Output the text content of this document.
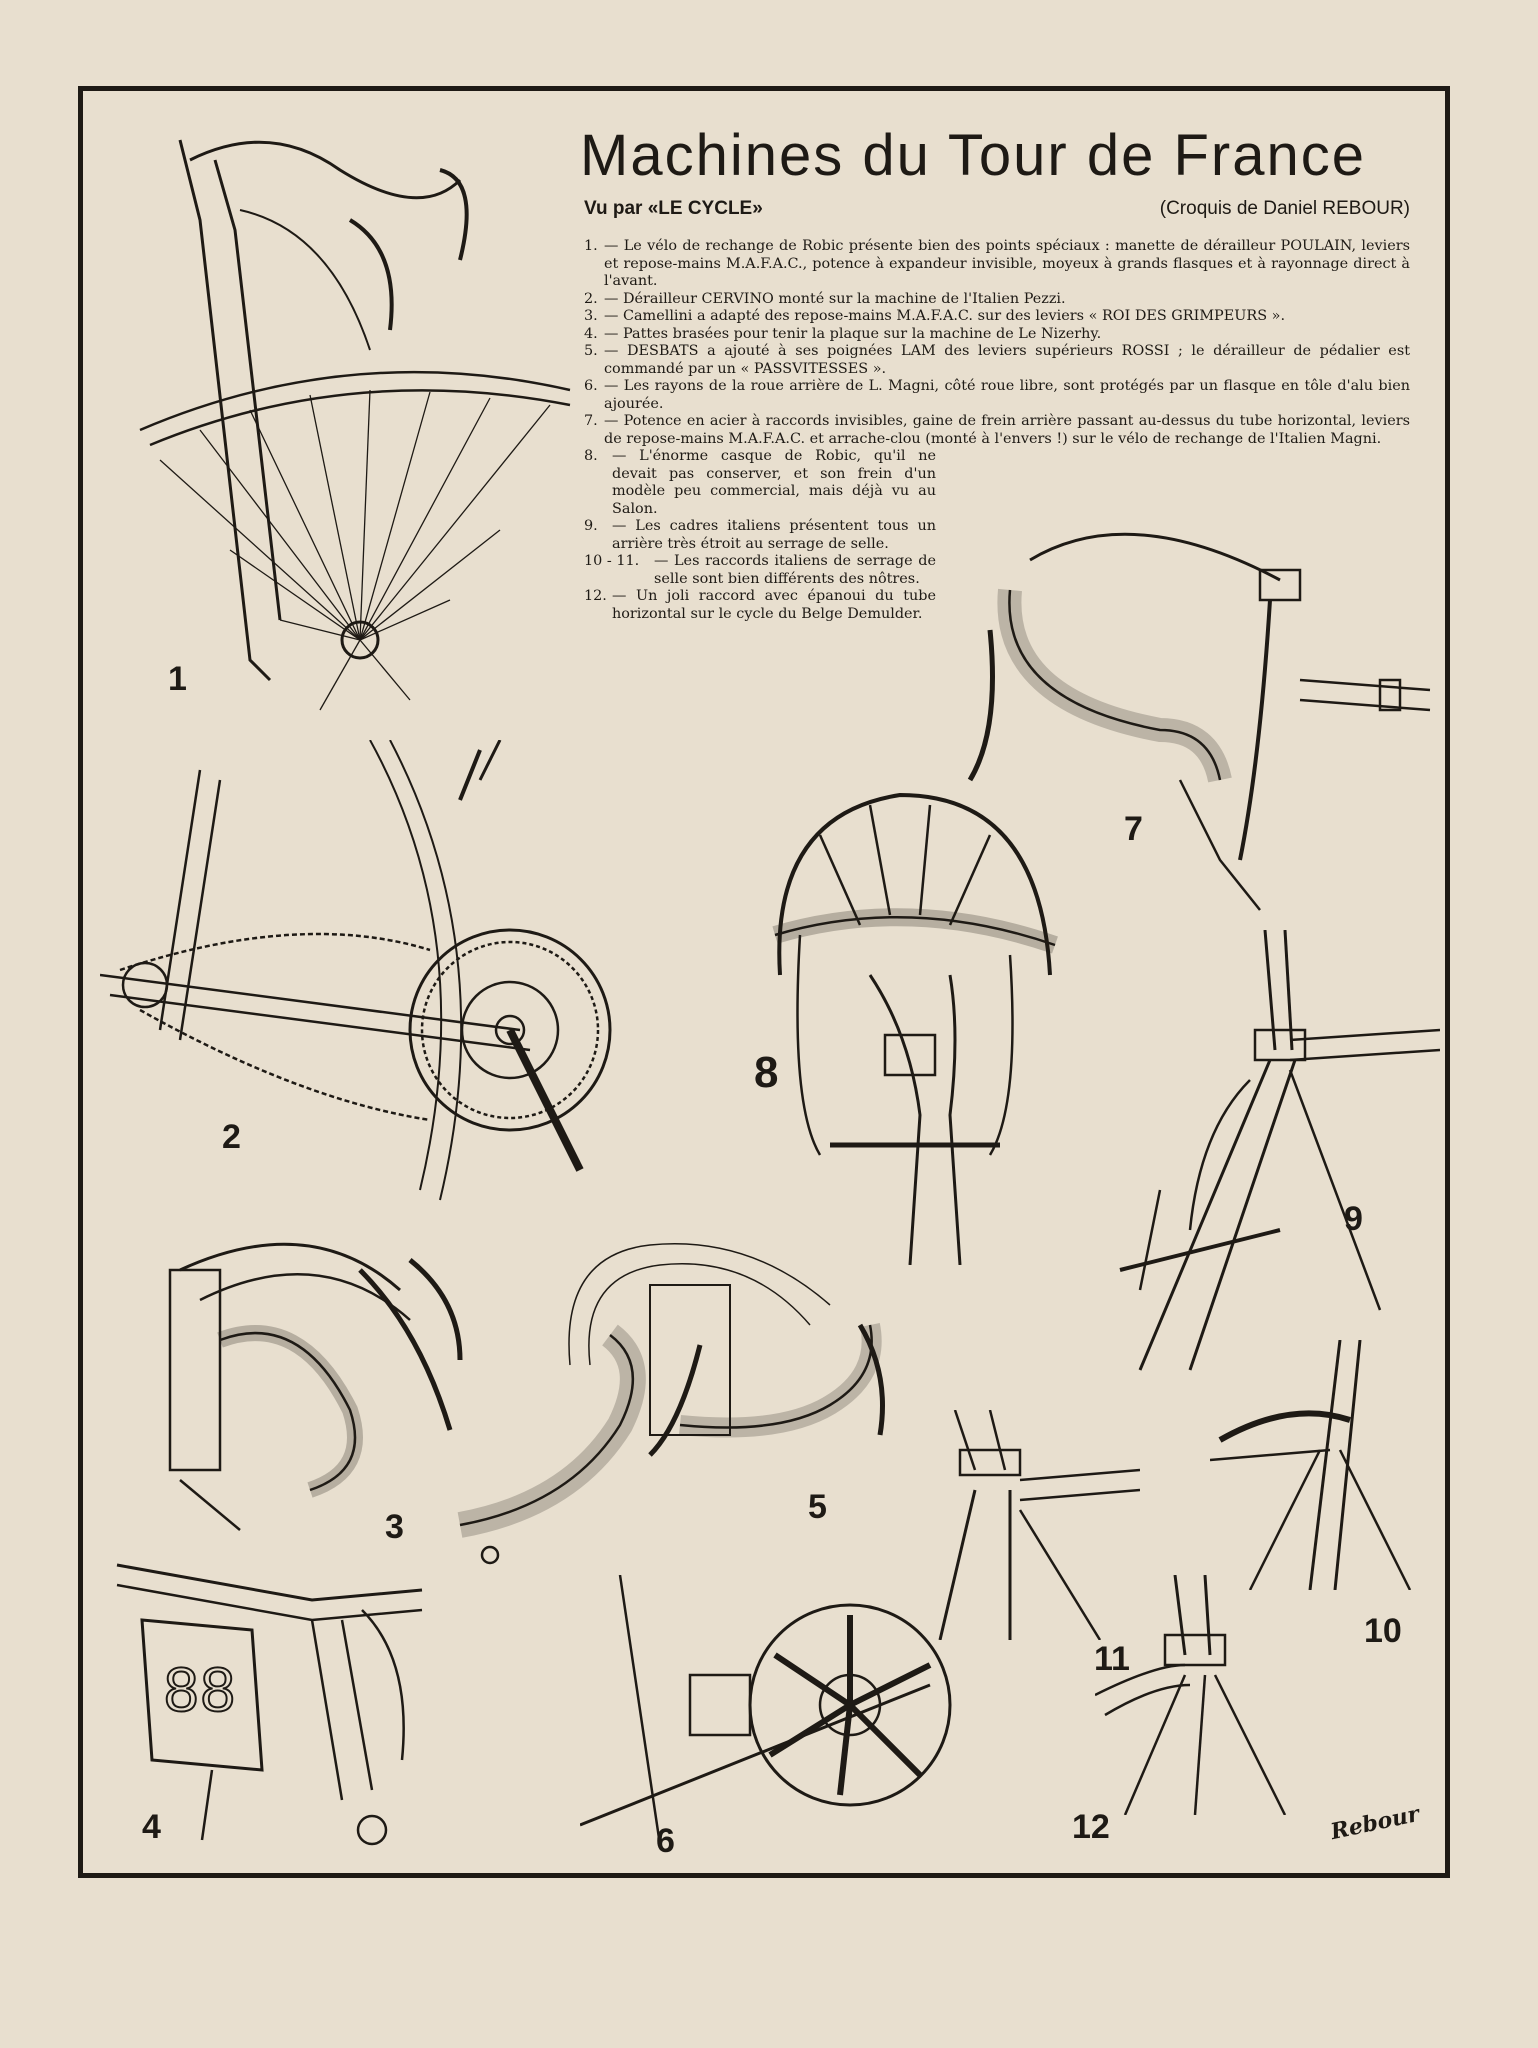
Machines du Tour de France
Vu par «LE CYCLE»	(Croquis de Daniel REBOUR)
1. — Le vélo de rechange de Robic présente bien des points spéciaux : manette de dérailleur POULAIN, leviers et repose-mains M.A.F.A.C., potence à expandeur invisible, moyeux à grands flasques et à rayonnage direct à l'avant.
2. — Dérailleur CERVINO monté sur la machine de l'Italien Pezzi.
3. — Camellini a adapté des repose-mains M.A.F.A.C. sur des leviers « ROI DES GRIMPEURS ».
4. — Pattes brasées pour tenir la plaque sur la machine de Le Nizerhy.
5. — DESBATS a ajouté à ses poignées LAM des leviers supérieurs ROSSI ; le dérailleur de pédalier est commandé par un « PASSVITESSES ».
6. — Les rayons de la roue arrière de L. Magni, côté roue libre, sont protégés par un flasque en tôle d'alu bien ajourée.
7. — Potence en acier à raccords invisibles, gaine de frein arrière passant au-dessus du tube horizontal, leviers de repose-mains M.A.F.A.C. et arrache-clou (monté à l'envers !) sur le vélo de rechange de l'Italien Magni.
8. — L'énorme casque de Robic, qu'il ne devait pas conserver, et son frein d'un modèle peu commercial, mais déjà vu au Salon.
9. — Les cadres italiens présentent tous un arrière très étroit au serrage de selle.
10 - 11.	— Les raccords italiens de serrage de selle sont bien différents des nôtres.
12. — Un joli raccord avec épanoui du tube horizontal sur le cycle du Belge Demulder.
1
2
3
88
4
5
6
7
8
9
10
11
12	Rebour
